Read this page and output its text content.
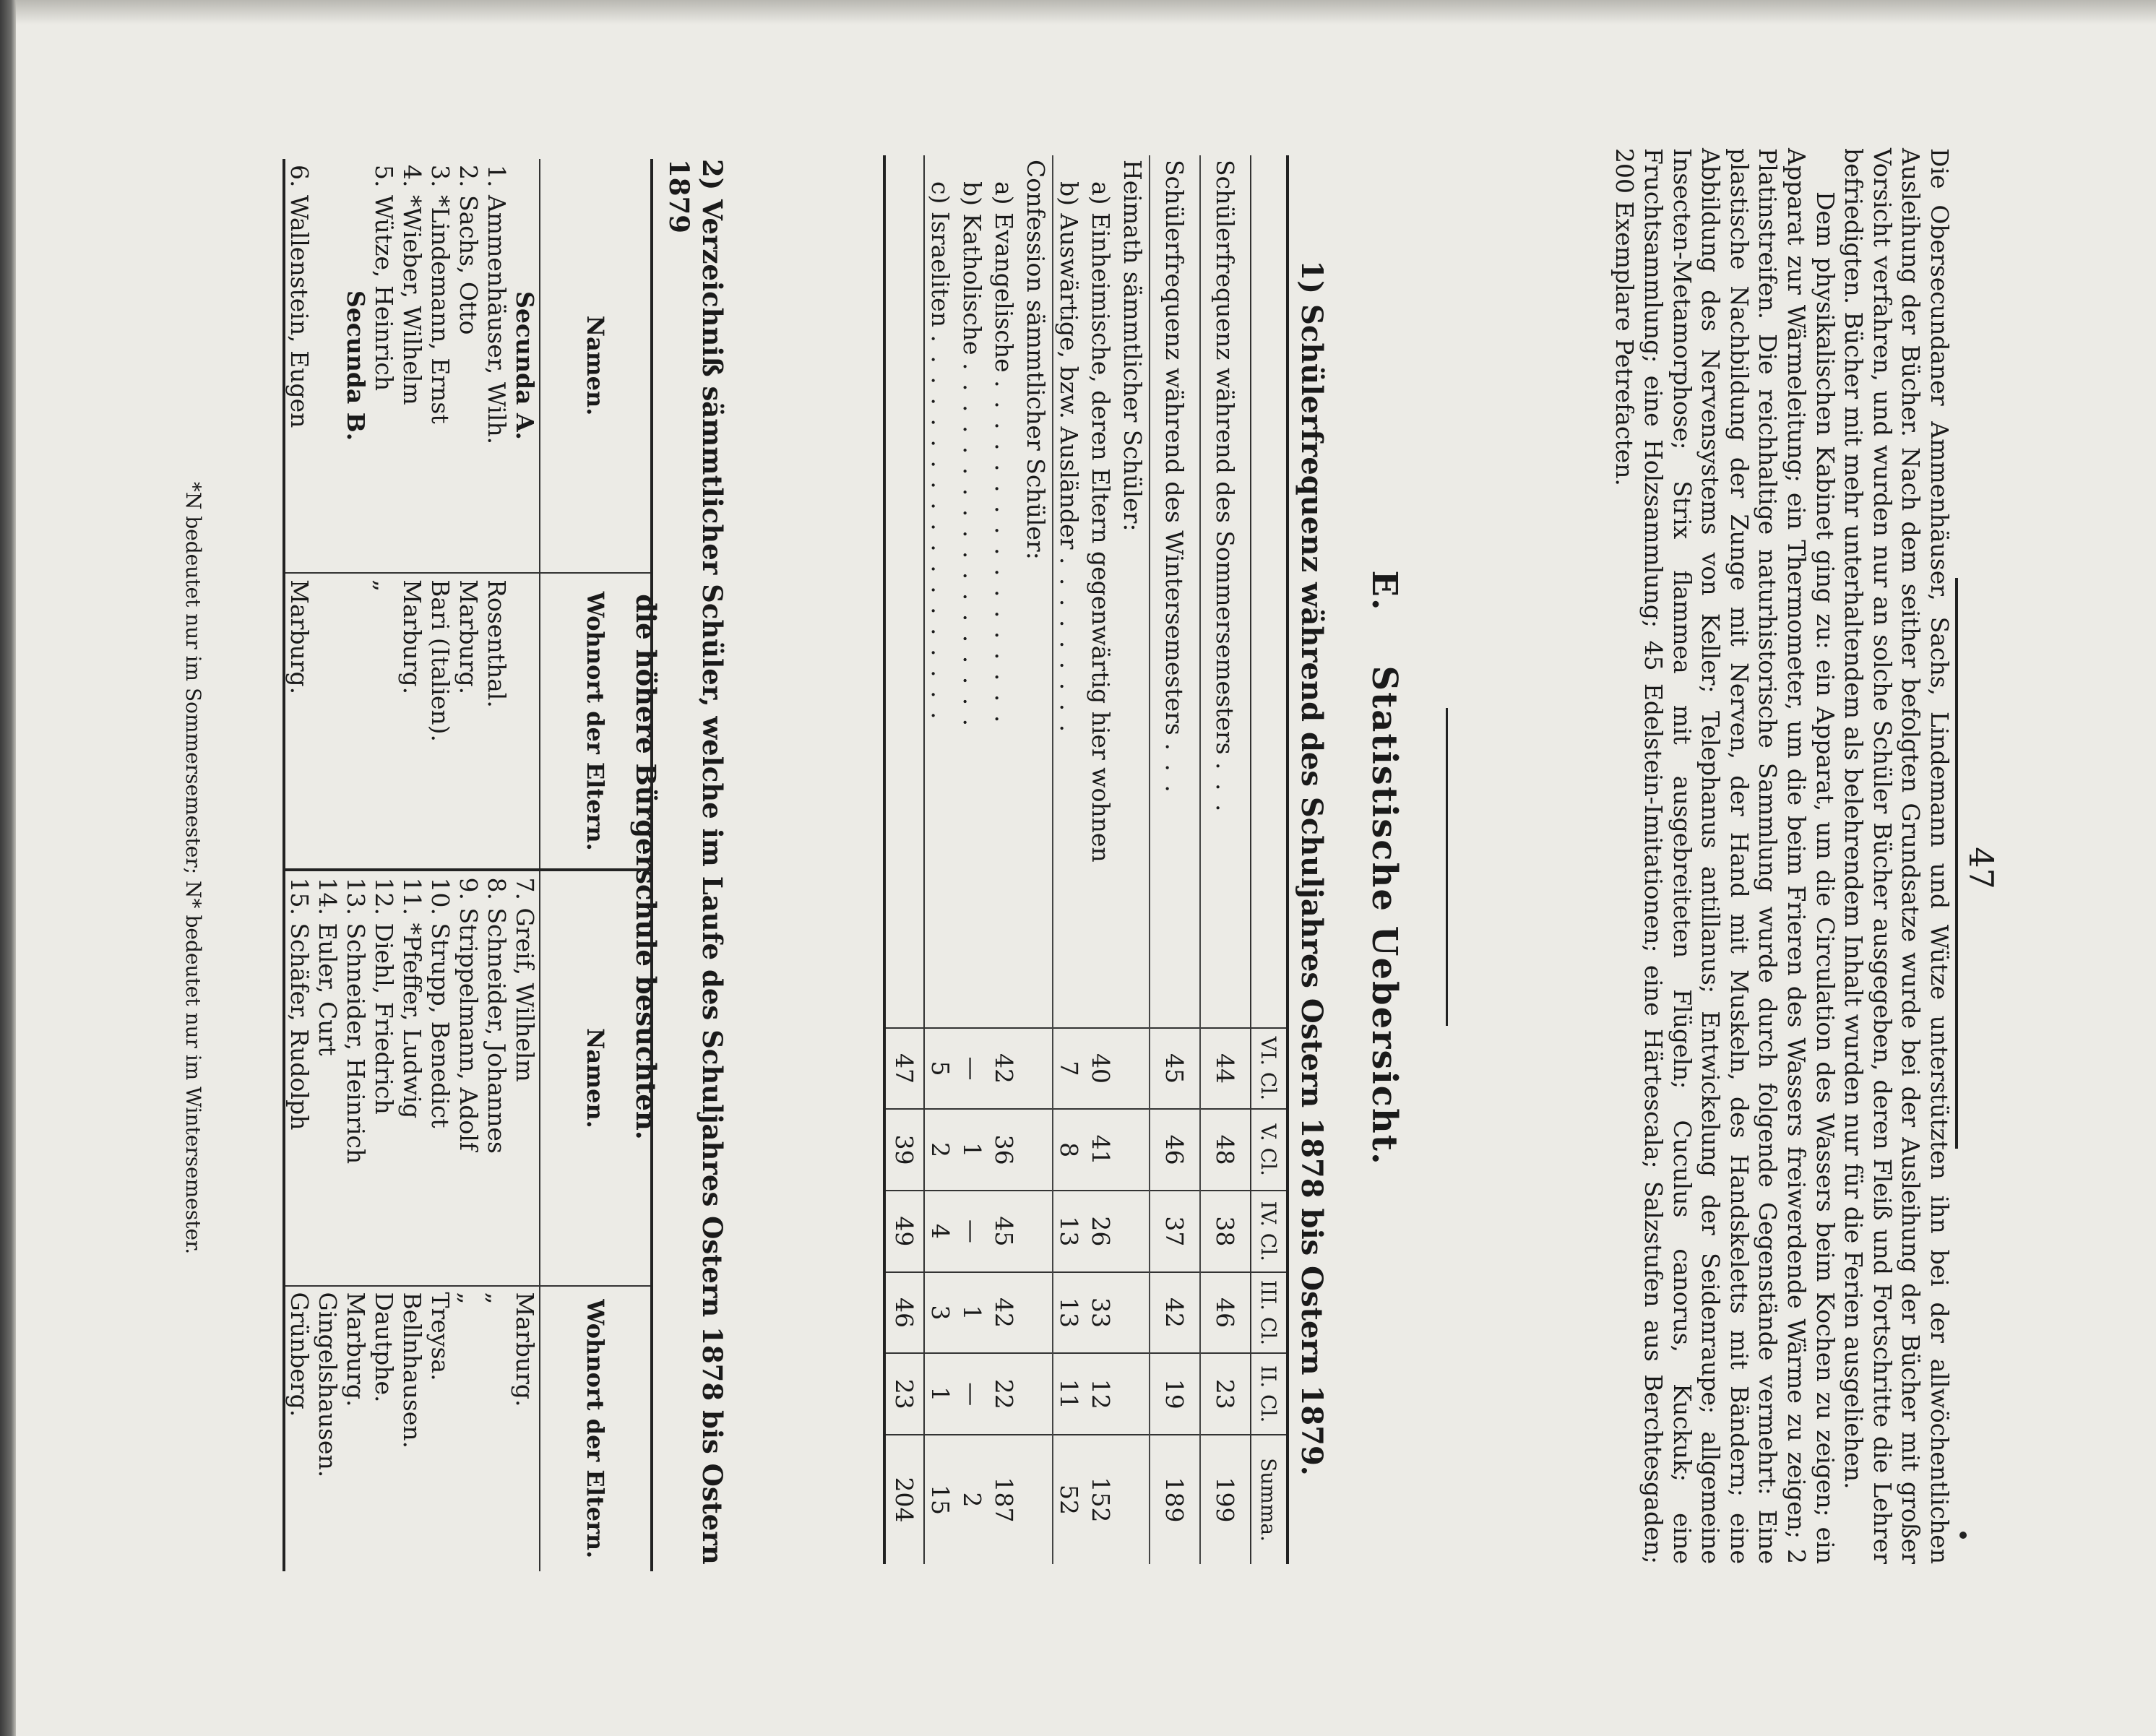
47

Die Obersecundaner Ammenhäuser, Sachs, Lindemann und Wütze unterstützten ihn bei der allwöchentlichen Ausleihung der Bücher. Nach dem seither befolgten Grundsatze wurde bei der Ausleihung der Bücher mit großer Vorsicht verfahren, und wurden nur an solche Schüler Bücher ausgegeben, deren Fleiß und Fortschritte die Lehrer befriedigten. Bücher mit mehr unterhaltendem als belehrendem Inhalt wurden nur für die Ferien ausgeliehen.

Dem physikalischen Kabinet ging zu: ein Apparat, um die Circulation des Wassers beim Kochen zu zeigen; ein Apparat zur Wärmeleitung; ein Thermometer, um die beim Frieren des Wassers freiwerdende Wärme zu zeigen; 2 Platinstreifen. Die reichhaltige naturhistorische Sammlung wurde durch folgende Gegenstände vermehrt: Eine plastische Nachbildung der Zunge mit Nerven, der Hand mit Muskeln, des Handskeletts mit Bändern; eine Abbildung des Nervensystems von Keller; Telephanus antillanus; Entwickelung der Seidenraupe; allgemeine Insecten-Metamorphose; Strix flammea mit ausgebreiteten Flügeln; Cuculus canorus, Kuckuk; eine Fruchtsammlung; eine Holzsammlung; 45 Edelstein-Imitationen; eine Härtescala; Salzstufen aus Berchtesgaden; 200 Exemplare Petrefacten.

E.    Statistische Uebersicht.
1) Schülerfrequenz während des Schuljahres Ostern 1878 bis Ostern 1879.
	VI. Cl.	V. Cl.	IV. Cl.	III. Cl.	II. Cl.	Summa.
Schülerfrequenz während des Sommersemesters . . .	44	48	38	46	23	199
Schülerfrequenz während des Wintersemesters . . .	45	46	37	42	19	189
Heimath sämmtlicher Schüler:						
a) Einheimische, deren Eltern gegenwärtig hier wohnen	40	41	26	33	12	152
b) Auswärtige, bzw. Ausländer . . . . . . . . .	7	8	13	13	11	52
Confession sämmtlicher Schüler:						
a) Evangelische . . . . . . . . . . . . . . . . .	42	36	45	42	22	187
b) Katholische . . . . . . . . . . . . . . . . . .	—	1	—	1	—	2
c) Israeliten . . . . . . . . . . . . . . . . . . .	5	2	4	3	1	15
	47	39	49	46	23	204
2) Verzeichniß sämmtlicher Schüler, welche im Laufe des Schuljahres Ostern 1878 bis Ostern 1879
die höhere Bürgerschule besuchten.
Namen.	Wohnort der Eltern.	Namen.	Wohnort der Eltern.
Secunda A.		7. Greif, Wilhelm	Marburg.
1. Ammenhäuser, Wilh.	Rosenthal.	8. Schneider, Johannes	„
2. Sachs, Otto	Marburg.	9. Strippelmann, Adolf	„
3. *Lindemann, Ernst	Bari (Italien).	10. Strupp, Benedict	Treysa.
4. *Wieber, Wilhelm	Marburg.	11. *Pfeffer, Ludwig	Bellnhausen.
5. Wütze, Heinrich	„	12. Diehl, Friedrich	Dautphe.
Secunda B.		13. Schneider, Heinrich	Marburg.
		14. Euler, Curt	Gingelshausen.
6. Wallenstein, Eugen	Marburg.	15. Schäfer, Rudolph	Grünberg.
*N bedeutet nur im Sommersemester; N* bedeutet nur im Wintersemester.
